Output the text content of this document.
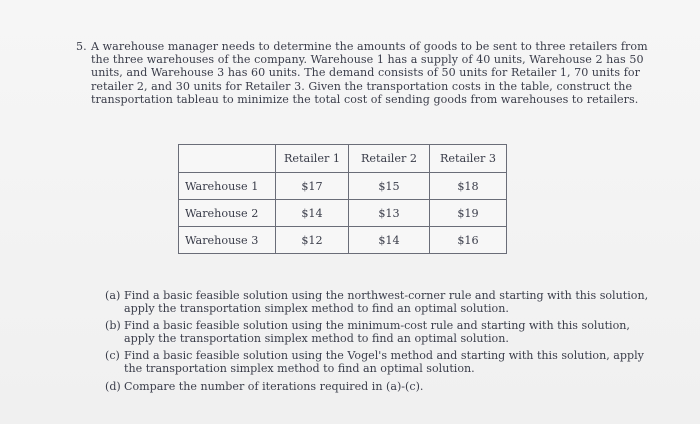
5. A warehouse manager needs to determine the amounts of goods to be sent to three retailers from
the three warehouses of the company. Warehouse 1 has a supply of 40 units, Warehouse 2 has 50
units, and Warehouse 3 has 60 units. The demand consists of 50 units for Retailer 1, 70 units for
retailer 2, and 30 units for Retailer 3. Given the transportation costs in the table, construct the
transportation tableau to minimize the total cost of sending goods from warehouses to retailers.
	Retailer 1	Retailer 2	Retailer 3
Warehouse 1	$17	$15	$18
Warehouse 2	$14	$13	$19
Warehouse 3	$12	$14	$16
(a) Find a basic feasible solution using the northwest-corner rule and starting with this solution,
apply the transportation simplex method to find an optimal solution.
(b) Find a basic feasible solution using the minimum-cost rule and starting with this solution,
apply the transportation simplex method to find an optimal solution.
(c) Find a basic feasible solution using the Vogel's method and starting with this solution, apply
the transportation simplex method to find an optimal solution.
(d) Compare the number of iterations required in (a)-(c).
